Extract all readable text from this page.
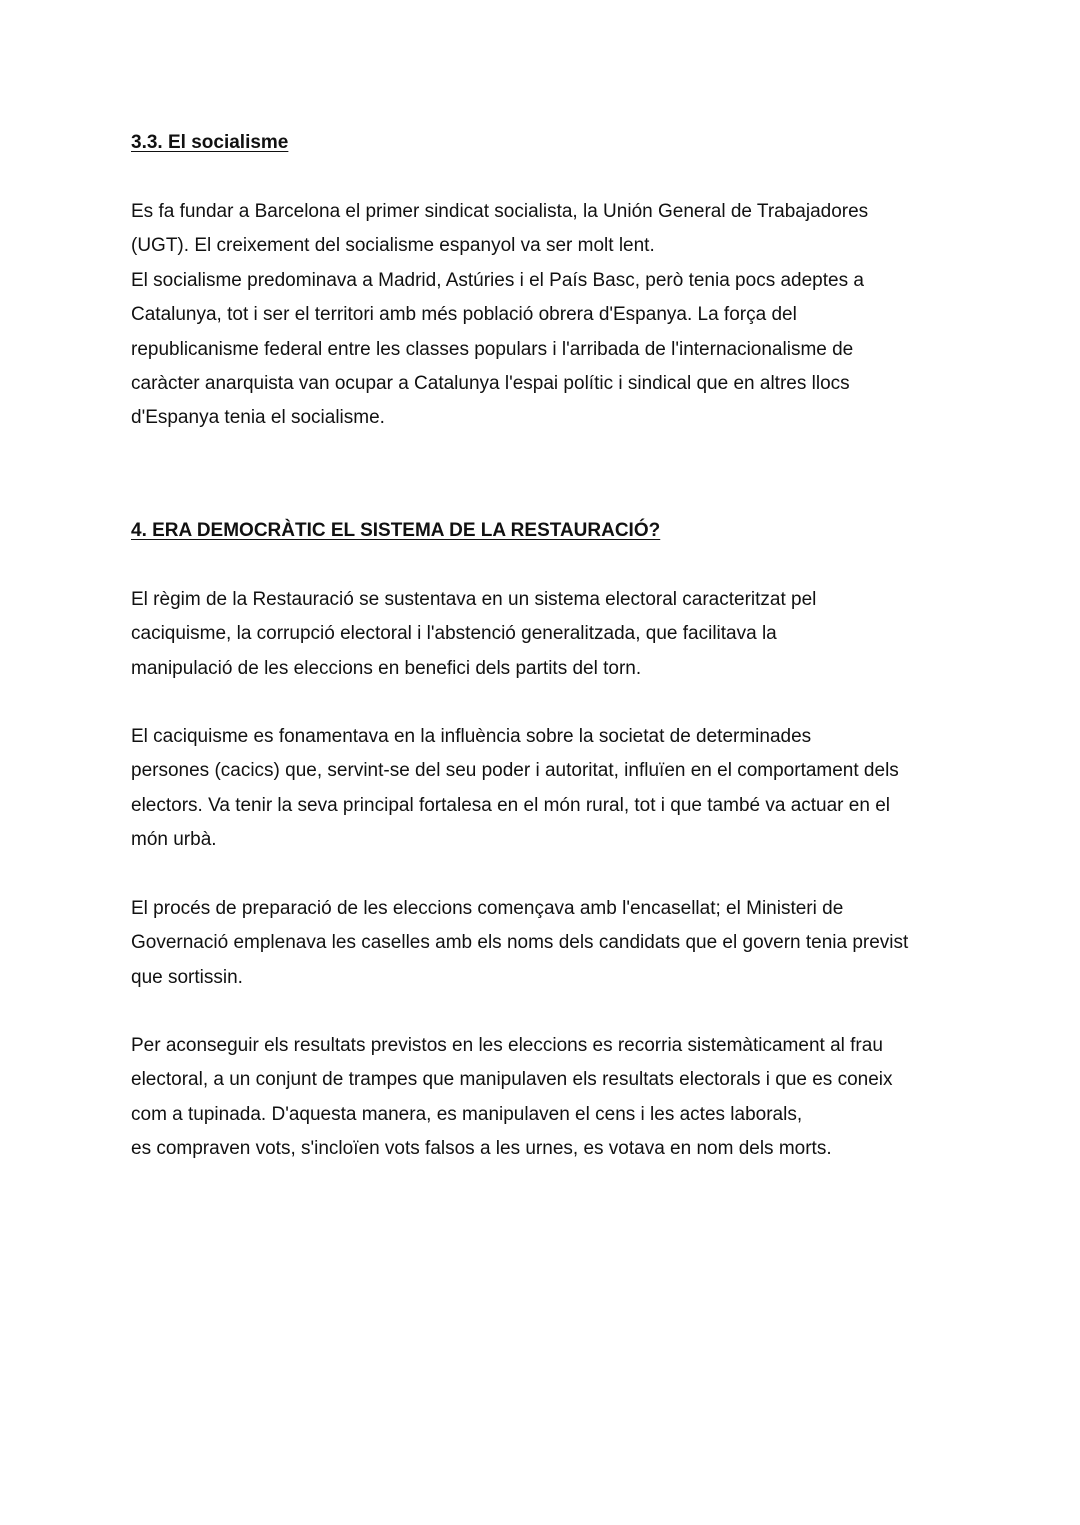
3.3. El socialisme

Es fa fundar a Barcelona el primer sindicat socialista, la Unión General de Trabajadores
(UGT). El creixement del socialisme espanyol va ser molt lent.
El socialisme predominava a Madrid, Astúries i el País Basc, però tenia pocs adeptes a
Catalunya, tot i ser el territori amb més població obrera d'Espanya. La força del
republicanisme federal entre les classes populars i l'arribada de l'internacionalisme de
caràcter anarquista van ocupar a Catalunya l'espai polític i sindical que en altres llocs
d'Espanya tenia el socialisme.

4. ERA DEMOCRÀTIC EL SISTEMA DE LA RESTAURACIÓ?

El règim de la Restauració se sustentava en un sistema electoral caracteritzat pel
caciquisme, la corrupció electoral i l'abstenció generalitzada, que facilitava la
manipulació de les eleccions en benefici dels partits del torn.

El caciquisme es fonamentava en la influència sobre la societat de determinades
persones (cacics) que, servint-se del seu poder i autoritat, influïen en el comportament dels
electors. Va tenir la seva principal fortalesa en el món rural, tot i que també va actuar en el
món urbà.

El procés de preparació de les eleccions començava amb l'encasellat; el Ministeri de
Governació emplenava les caselles amb els noms dels candidats que el govern tenia previst
que sortissin.

Per aconseguir els resultats previstos en les eleccions es recorria sistemàticament al frau
electoral, a un conjunt de trampes que manipulaven els resultats electorals i que es coneix
com a tupinada. D'aquesta manera, es manipulaven el cens i les actes laborals,
es compraven vots, s'incloïen vots falsos a les urnes, es votava en nom dels morts.
